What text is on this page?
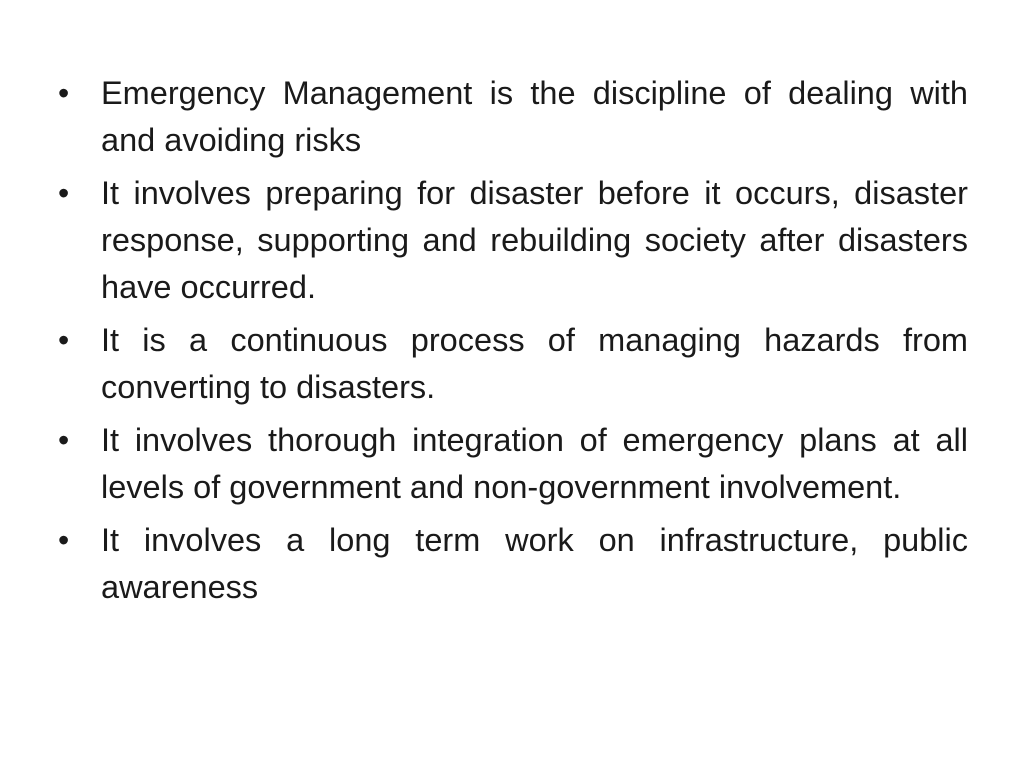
• Emergency Management is the discipline of dealing with and avoiding risks
• It involves preparing for disaster before it occurs, disaster response, supporting and rebuilding society after disasters have occurred.
• It is a continuous process of managing hazards from converting to disasters.
• It involves thorough integration of emergency plans at all levels of government and non-government involvement.
• It involves a long term work on infrastructure, public awareness
